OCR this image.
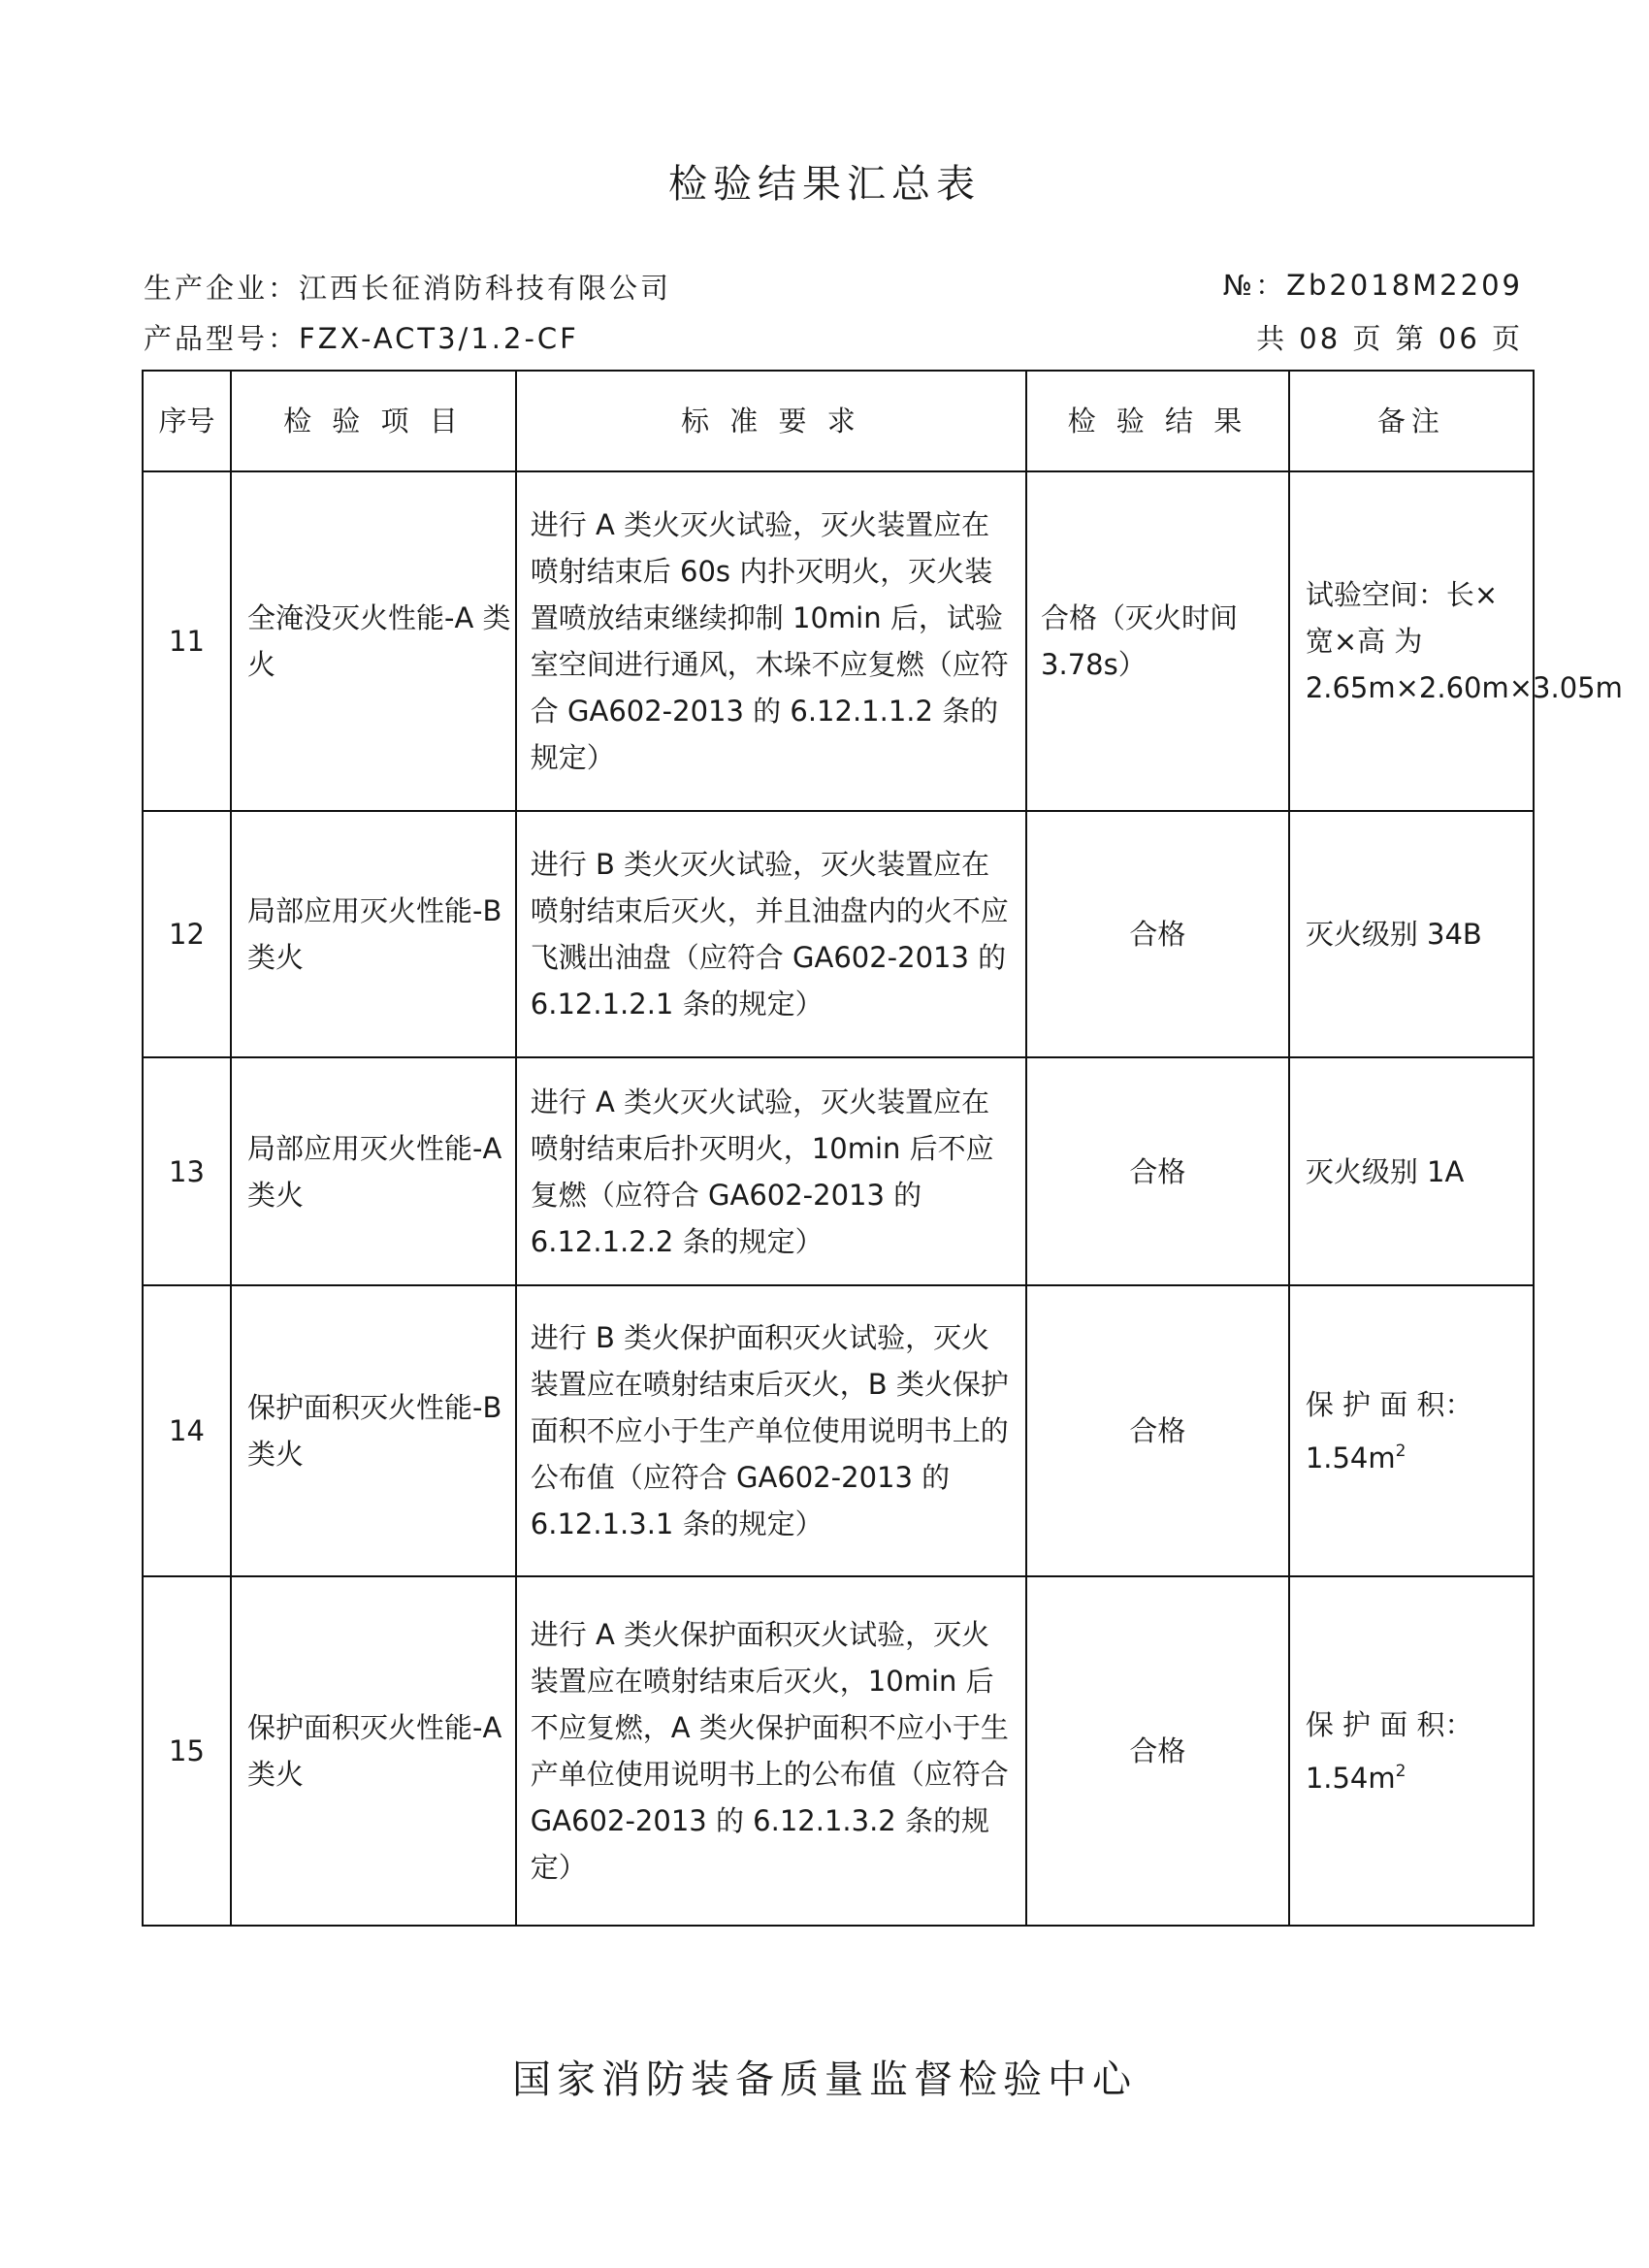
检验结果汇总表
生产企业：江西长征消防科技有限公司
产品型号：FZX-ACT3/1.2-CF
№：Zb2018M2209
共 08 页 第 06 页
序号	检 验 项 目	标 准 要 求	检 验 结 果	备注
11	全淹没灭火性能-A 类火	进行 A 类火灭火试验，灭火装置应在喷射结束后 60s 内扑灭明火，灭火装置喷放结束继续抑制 10min 后，试验室空间进行通风，木垛不应复燃（应符合 GA602-2013 的 6.12.1.1.2 条的规定）	合格（灭火时间 3.78s）	试验空间：长×宽×高 为 2.65m×2.60m×3.05m
12	局部应用灭火性能-B 类火	进行 B 类火灭火试验，灭火装置应在喷射结束后灭火，并且油盘内的火不应飞溅出油盘（应符合 GA602-2013 的 6.12.1.2.1 条的规定）	合格	灭火级别 34B
13	局部应用灭火性能-A 类火	进行 A 类火灭火试验，灭火装置应在喷射结束后扑灭明火，10min 后不应复燃（应符合 GA602-2013 的 6.12.1.2.2 条的规定）	合格	灭火级别 1A
14	保护面积灭火性能-B 类火	进行 B 类火保护面积灭火试验，灭火装置应在喷射结束后灭火，B 类火保护面积不应小于生产单位使用说明书上的公布值（应符合 GA602-2013 的 6.12.1.3.1 条的规定）	合格	保 护 面 积：$1.54m^2$
15	保护面积灭火性能-A 类火	进行 A 类火保护面积灭火试验，灭火装置应在喷射结束后灭火，10min 后不应复燃，A 类火保护面积不应小于生产单位使用说明书上的公布值（应符合 GA602-2013 的 6.12.1.3.2 条的规定）	合格	保 护 面 积：$1.54m^2$
国家消防装备质量监督检验中心
